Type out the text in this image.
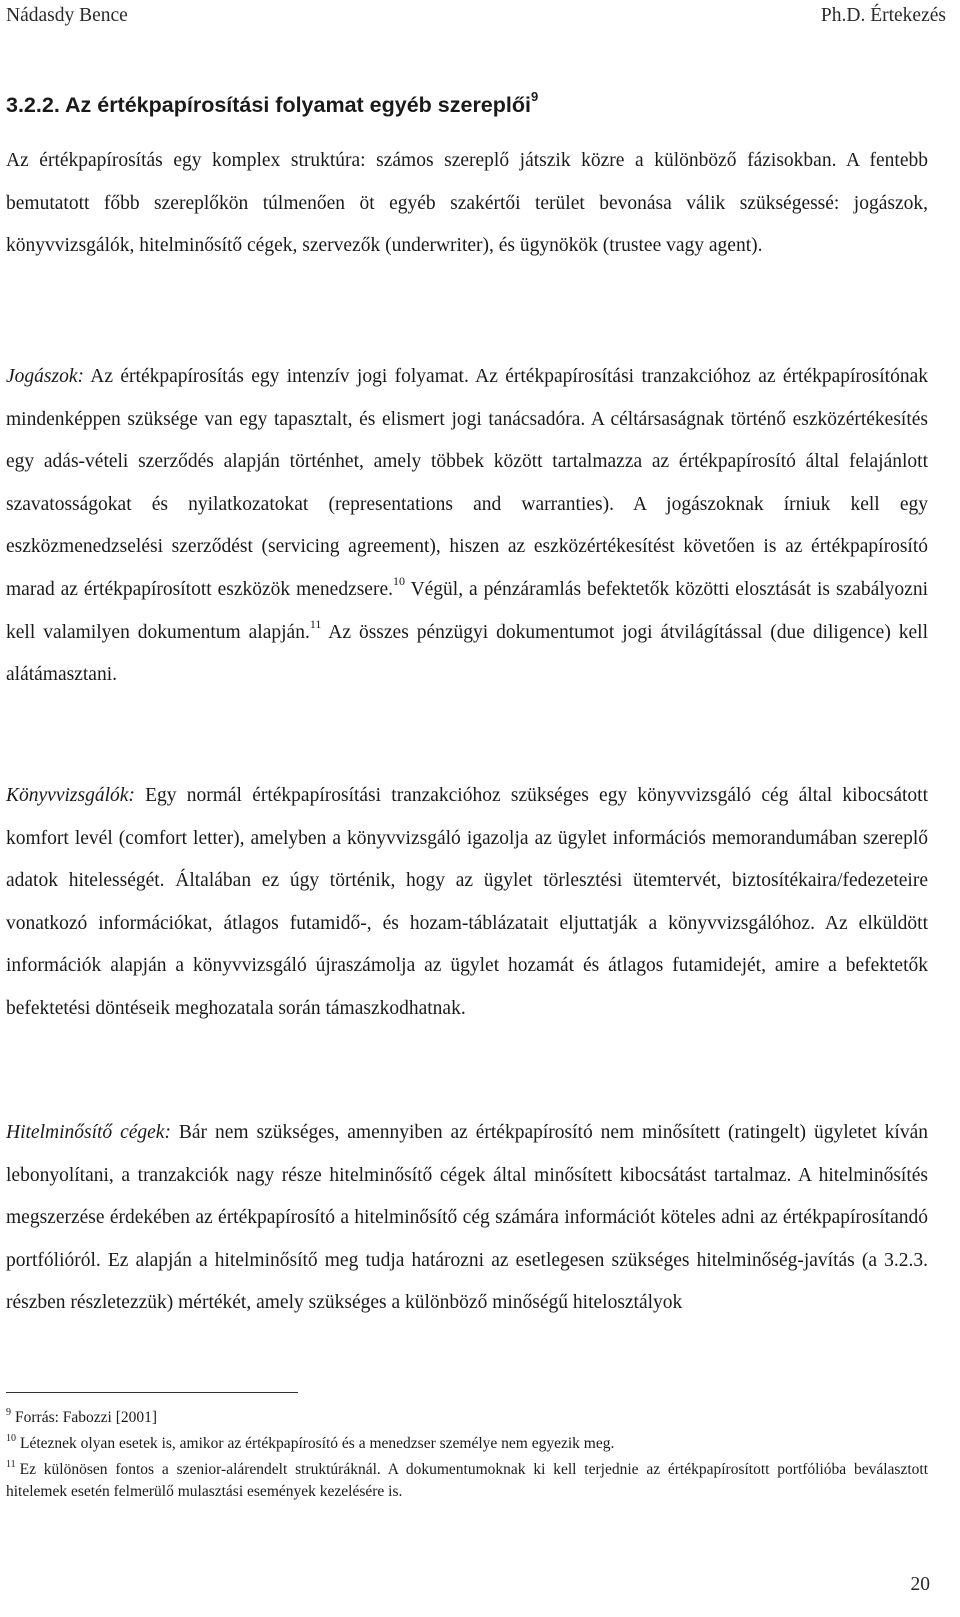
Nádasdy Bence	Ph.D. Értekezés
3.2.2. Az értékpapírosítási folyamat egyéb szereplői$^9$

Az értékpapírosítás egy komplex struktúra: számos szereplő játszik közre a különböző fázisokban. A fentebb bemutatott főbb szereplőkön túlmenően öt egyéb szakértői terület bevonása válik szükségessé: jogászok, könyvvizsgálók, hitelminősítő cégek, szervezők (underwriter), és ügynökök (trustee vagy agent).

Jogászok: Az értékpapírosítás egy intenzív jogi folyamat. Az értékpapírosítási tranzakcióhoz az értékpapírosítónak mindenképpen szüksége van egy tapasztalt, és elismert jogi tanácsadóra. A céltársaságnak történő eszközértékesítés egy adás-vételi szerződés alapján történhet, amely többek között tartalmazza az értékpapírosító által felajánlott szavatosságokat és nyilatkozatokat (representations and warranties). A jogászoknak írniuk kell egy eszközmenedzselési szerződést (servicing agreement), hiszen az eszközértékesítést követően is az értékpapírosító marad az értékpapírosított eszközök menedzsere.$^{10}$ Végül, a pénzáramlás befektetők közötti elosztását is szabályozni kell valamilyen dokumentum alapján.$^{11}$ Az összes pénzügyi dokumentumot jogi átvilágítással (due diligence) kell alátámasztani.

Könyvvizsgálók: Egy normál értékpapírosítási tranzakcióhoz szükséges egy könyvvizsgáló cég által kibocsátott komfort levél (comfort letter), amelyben a könyvvizsgáló igazolja az ügylet információs memorandumában szereplő adatok hitelességét. Általában ez úgy történik, hogy az ügylet törlesztési ütemtervét, biztosítékaira/fedezeteire vonatkozó információkat, átlagos futamidő-, és hozam-táblázatait eljuttatják a könyvvizsgálóhoz. Az elküldött információk alapján a könyvvizsgáló újraszámolja az ügylet hozamát és átlagos futamidejét, amire a befektetők befektetési döntéseik meghozatala során támaszkodhatnak.

Hitelminősítő cégek: Bár nem szükséges, amennyiben az értékpapírosító nem minősített (ratingelt) ügyletet kíván lebonyolítani, a tranzakciók nagy része hitelminősítő cégek által minősített kibocsátást tartalmaz. A hitelminősítés megszerzése érdekében az értékpapírosító a hitelminősítő cég számára információt köteles adni az értékpapírosítandó portfólióról. Ez alapján a hitelminősítő meg tudja határozni az esetlegesen szükséges hitelminőség-javítás (a 3.2.3. részben részletezzük) mértékét, amely szükséges a különböző minőségű hitelosztályok

$^9$ Forrás: Fabozzi [2001]

$^{10}$ Léteznek olyan esetek is, amikor az értékpapírosító és a menedzser személye nem egyezik meg.

$^{11}$ Ez különösen fontos a szenior-alárendelt struktúráknál. A dokumentumoknak ki kell terjednie az értékpapírosított portfólióba beválasztott hitelemek esetén felmerülő mulasztási események kezelésére is.

20
